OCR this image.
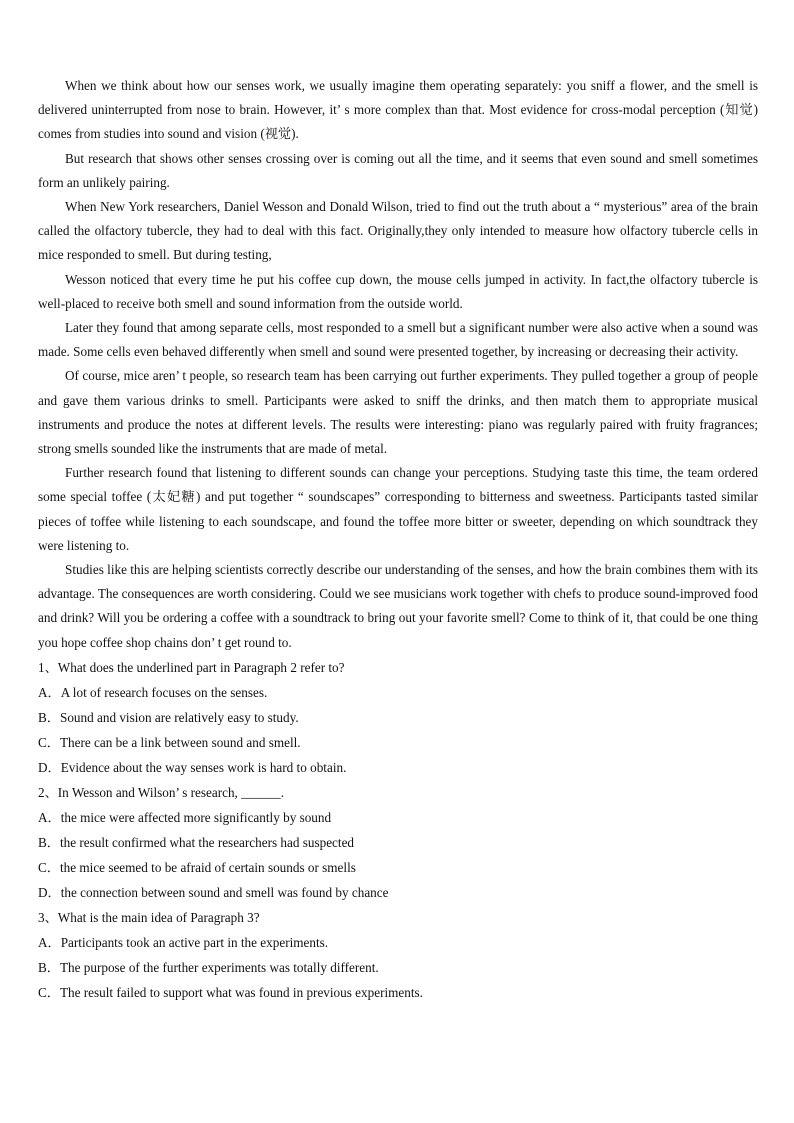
When we think about how our senses work, we usually imagine them operating separately: you sniff a flower, and the smell is delivered uninterrupted from nose to brain. However, it’ s more complex than that. Most evidence for cross-modal perception (知觉) comes from studies into sound and vision (视觉).

But research that shows other senses crossing over is coming out all the time, and it seems that even sound and smell sometimes form an unlikely pairing.

When New York researchers, Daniel Wesson and Donald Wilson, tried to find out the truth about a “ mysterious” area of the brain called the olfactory tubercle, they had to deal with this fact. Originally,they only intended to measure how olfactory tubercle cells in mice responded to smell. But during testing,

Wesson noticed that every time he put his coffee cup down, the mouse cells jumped in activity. In fact,the olfactory tubercle is well-placed to receive both smell and sound information from the outside world.

Later they found that among separate cells, most responded to a smell but a significant number were also active when a sound was made. Some cells even behaved differently when smell and sound were presented together, by increasing or decreasing their activity.

Of course, mice aren’ t people, so research team has been carrying out further experiments. They pulled together a group of people and gave them various drinks to smell. Participants were asked to sniff the drinks, and then match them to appropriate musical instruments and produce the notes at different levels. The results were interesting: piano was regularly paired with fruity fragrances; strong smells sounded like the instruments that are made of metal.

Further research found that listening to different sounds can change your perceptions. Studying taste this time, the team ordered some special toffee (太妃糖) and put together “ soundscapes” corresponding to bitterness and sweetness. Participants tasted similar pieces of toffee while listening to each soundscape, and found the toffee more bitter or sweeter, depending on which soundtrack they were listening to.

Studies like this are helping scientists correctly describe our understanding of the senses, and how the brain combines them with its advantage. The consequences are worth considering. Could we see musicians work together with chefs to produce sound-improved food and drink? Will you be ordering a coffee with a soundtrack to bring out your favorite smell? Come to think of it, that could be one thing you hope coffee shop chains don’ t get round to.

1、What does the underlined part in Paragraph 2 refer to?

A．A lot of research focuses on the senses.

B．Sound and vision are relatively easy to study.

C．There can be a link between sound and smell.

D．Evidence about the way senses work is hard to obtain.

2、In Wesson and Wilson’ s research, ______.

A．the mice were affected more significantly by sound

B．the result confirmed what the researchers had suspected

C．the mice seemed to be afraid of certain sounds or smells

D．the connection between sound and smell was found by chance

3、What is the main idea of Paragraph 3?

A．Participants took an active part in the experiments.

B．The purpose of the further experiments was totally different.

C．The result failed to support what was found in previous experiments.
